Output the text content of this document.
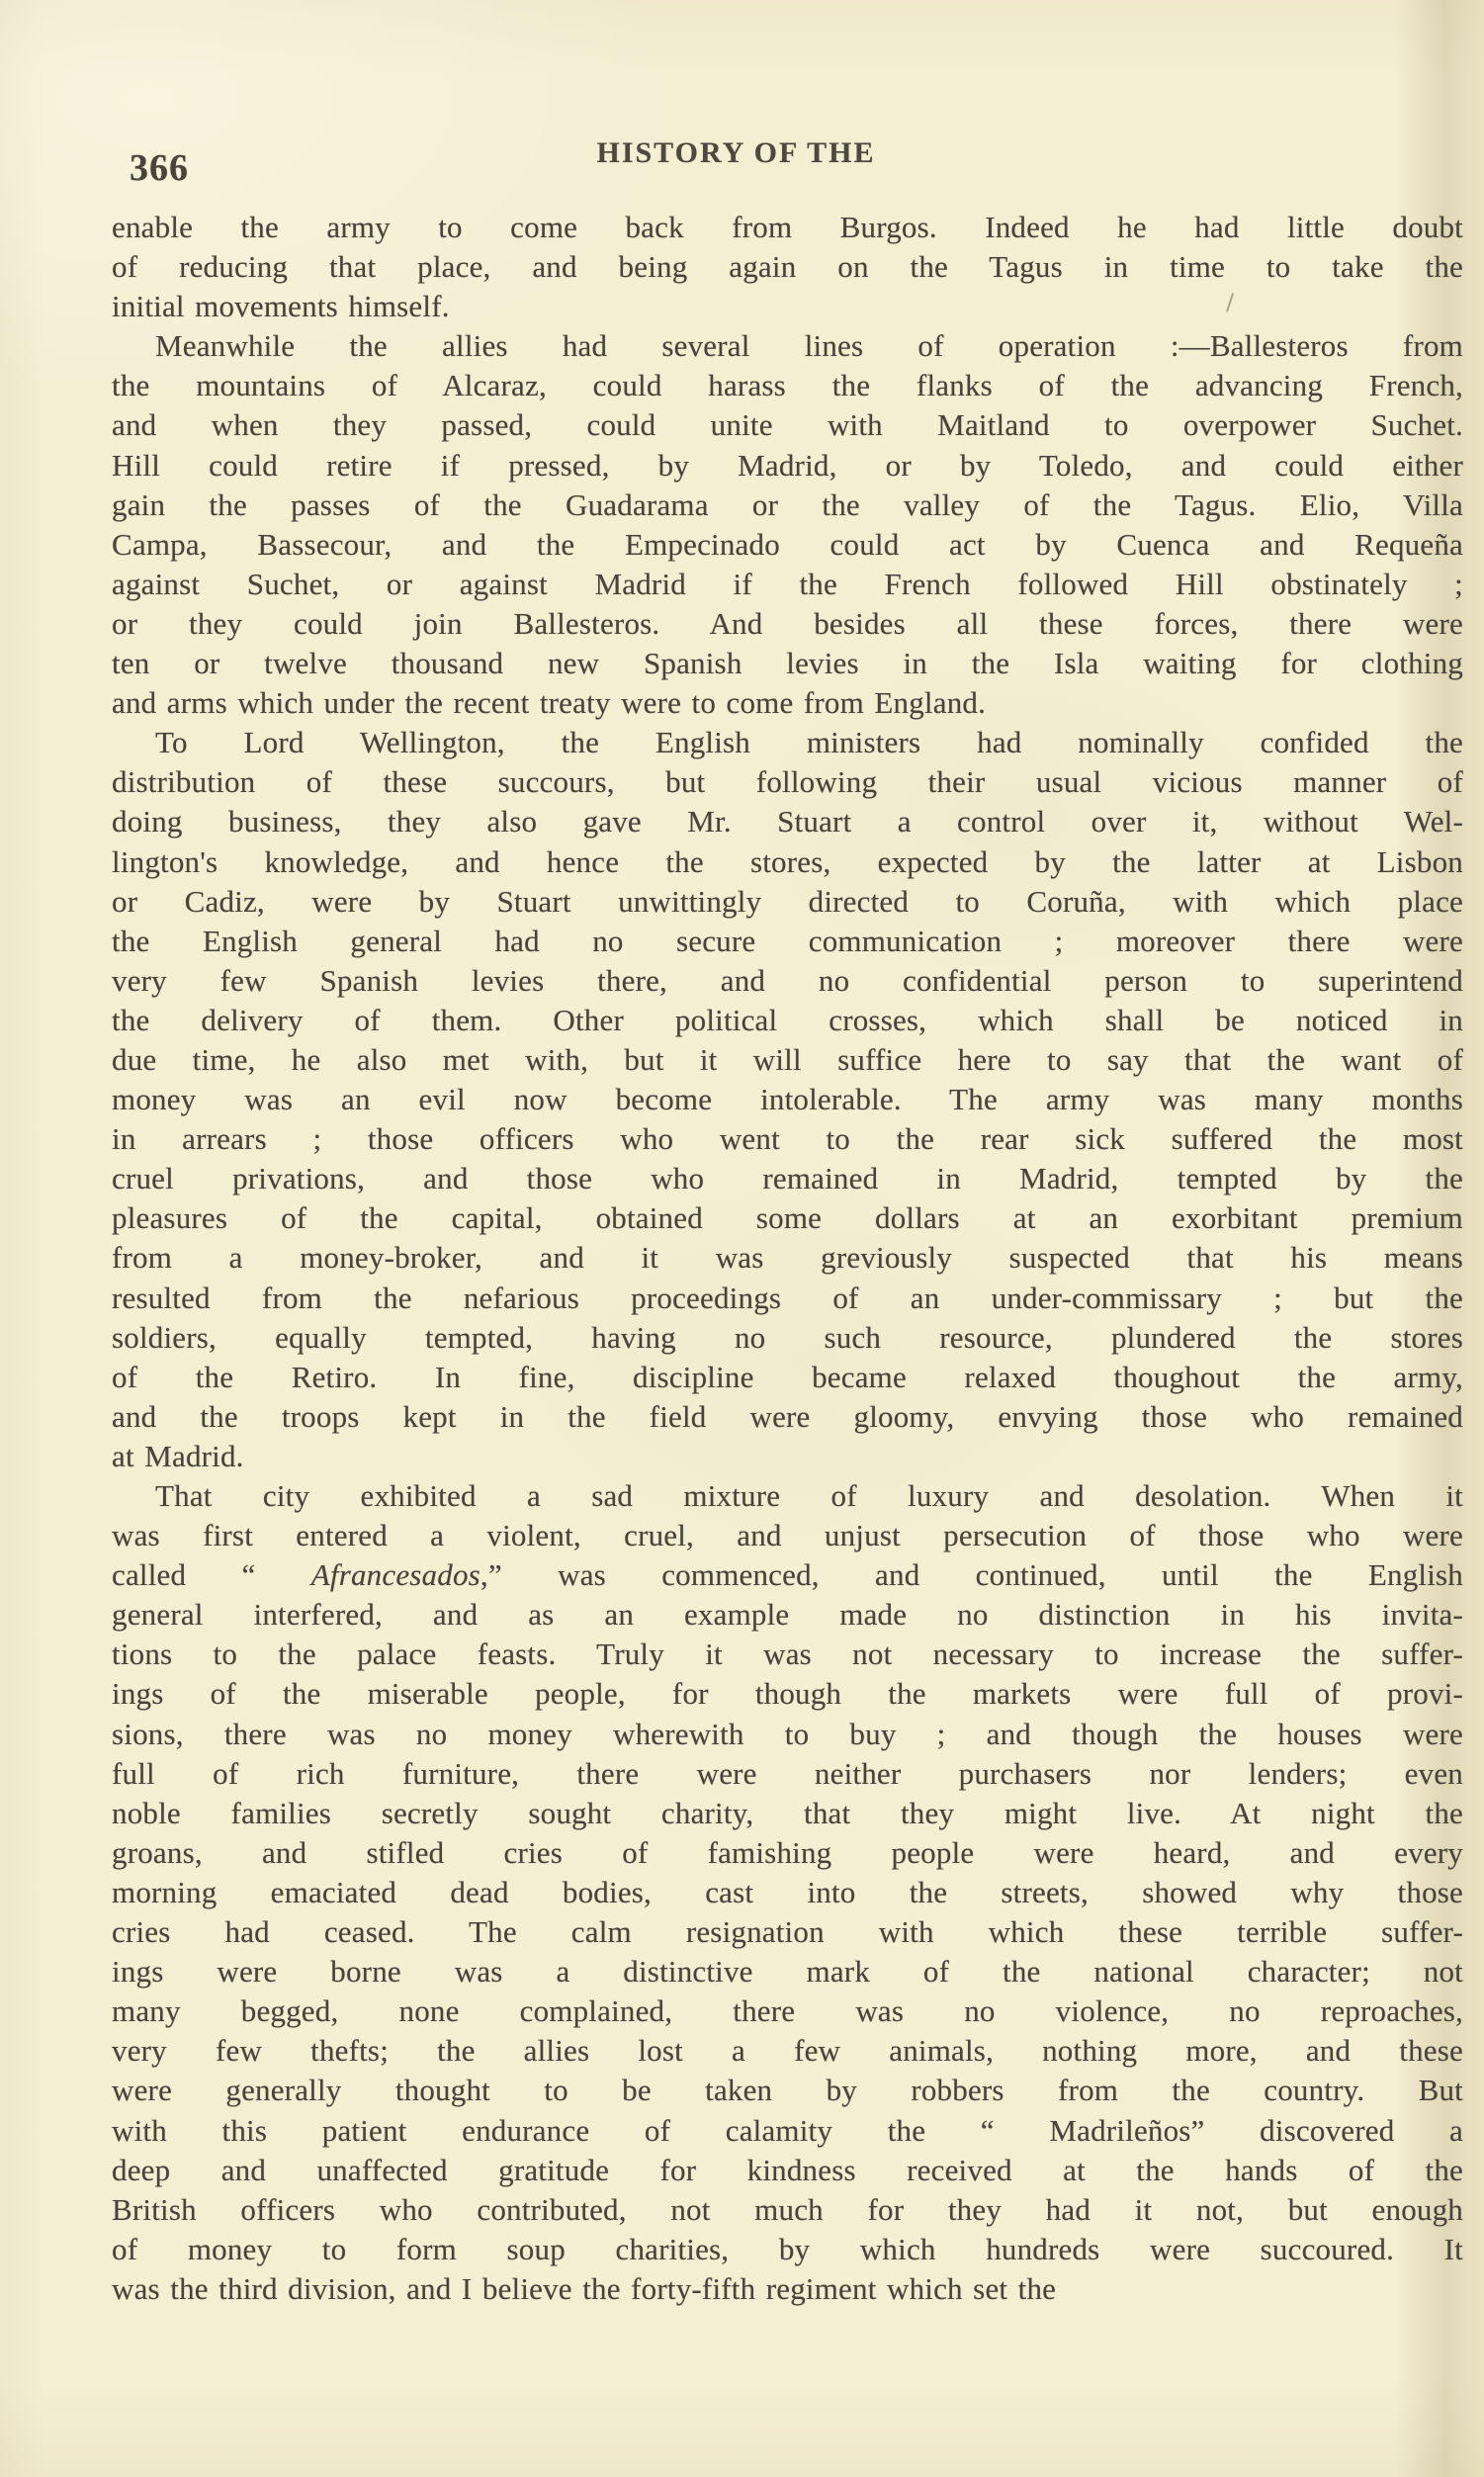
366	HISTORY OF THE
enable the army to come back from Burgos. Indeed he had little doubt
of reducing that place, and being again on the Tagus in time to take the
initial movements himself.
Meanwhile the allies had several lines of operation :—Ballesteros from
the mountains of Alcaraz, could harass the flanks of the advancing French,
and when they passed, could unite with Maitland to overpower Suchet.
Hill could retire if pressed, by Madrid, or by Toledo, and could either
gain the passes of the Guadarama or the valley of the Tagus. Elio, Villa
Campa, Bassecour, and the Empecinado could act by Cuenca and Requeña
against Suchet, or against Madrid if the French followed Hill obstinately ;
or they could join Ballesteros. And besides all these forces, there were
ten or twelve thousand new Spanish levies in the Isla waiting for clothing
and arms which under the recent treaty were to come from England.
To Lord Wellington, the English ministers had nominally confided the
distribution of these succours, but following their usual vicious manner of
doing business, they also gave Mr. Stuart a control over it, without Wel-
lington's knowledge, and hence the stores, expected by the latter at Lisbon
or Cadiz, were by Stuart unwittingly directed to Coruña, with which place
the English general had no secure communication ; moreover there were
very few Spanish levies there, and no confidential person to superintend
the delivery of them. Other political crosses, which shall be noticed in
due time, he also met with, but it will suffice here to say that the want of
money was an evil now become intolerable. The army was many months
in arrears ; those officers who went to the rear sick suffered the most
cruel privations, and those who remained in Madrid, tempted by the
pleasures of the capital, obtained some dollars at an exorbitant premium
from a money-broker, and it was greviously suspected that his means
resulted from the nefarious proceedings of an under-commissary ; but the
soldiers, equally tempted, having no such resource, plundered the stores
of the Retiro. In fine, discipline became relaxed thoughout the army,
and the troops kept in the field were gloomy, envying those who remained
at Madrid.
That city exhibited a sad mixture of luxury and desolation. When it
was first entered a violent, cruel, and unjust persecution of those who were
called “ Afrancesados,” was commenced, and continued, until the English
general interfered, and as an example made no distinction in his invita-
tions to the palace feasts. Truly it was not necessary to increase the suffer-
ings of the miserable people, for though the markets were full of provi-
sions, there was no money wherewith to buy ; and though the houses were
full of rich furniture, there were neither purchasers nor lenders; even
noble families secretly sought charity, that they might live. At night the
groans, and stifled cries of famishing people were heard, and every
morning emaciated dead bodies, cast into the streets, showed why those
cries had ceased. The calm resignation with which these terrible suffer-
ings were borne was a distinctive mark of the national character; not
many begged, none complained, there was no violence, no reproaches,
very few thefts; the allies lost a few animals, nothing more, and these
were generally thought to be taken by robbers from the country. But
with this patient endurance of calamity the “ Madrileños” discovered a
deep and unaffected gratitude for kindness received at the hands of the
British officers who contributed, not much for they had it not, but enough
of money to form soup charities, by which hundreds were succoured. It
was the third division, and I believe the forty-fifth regiment which set the
